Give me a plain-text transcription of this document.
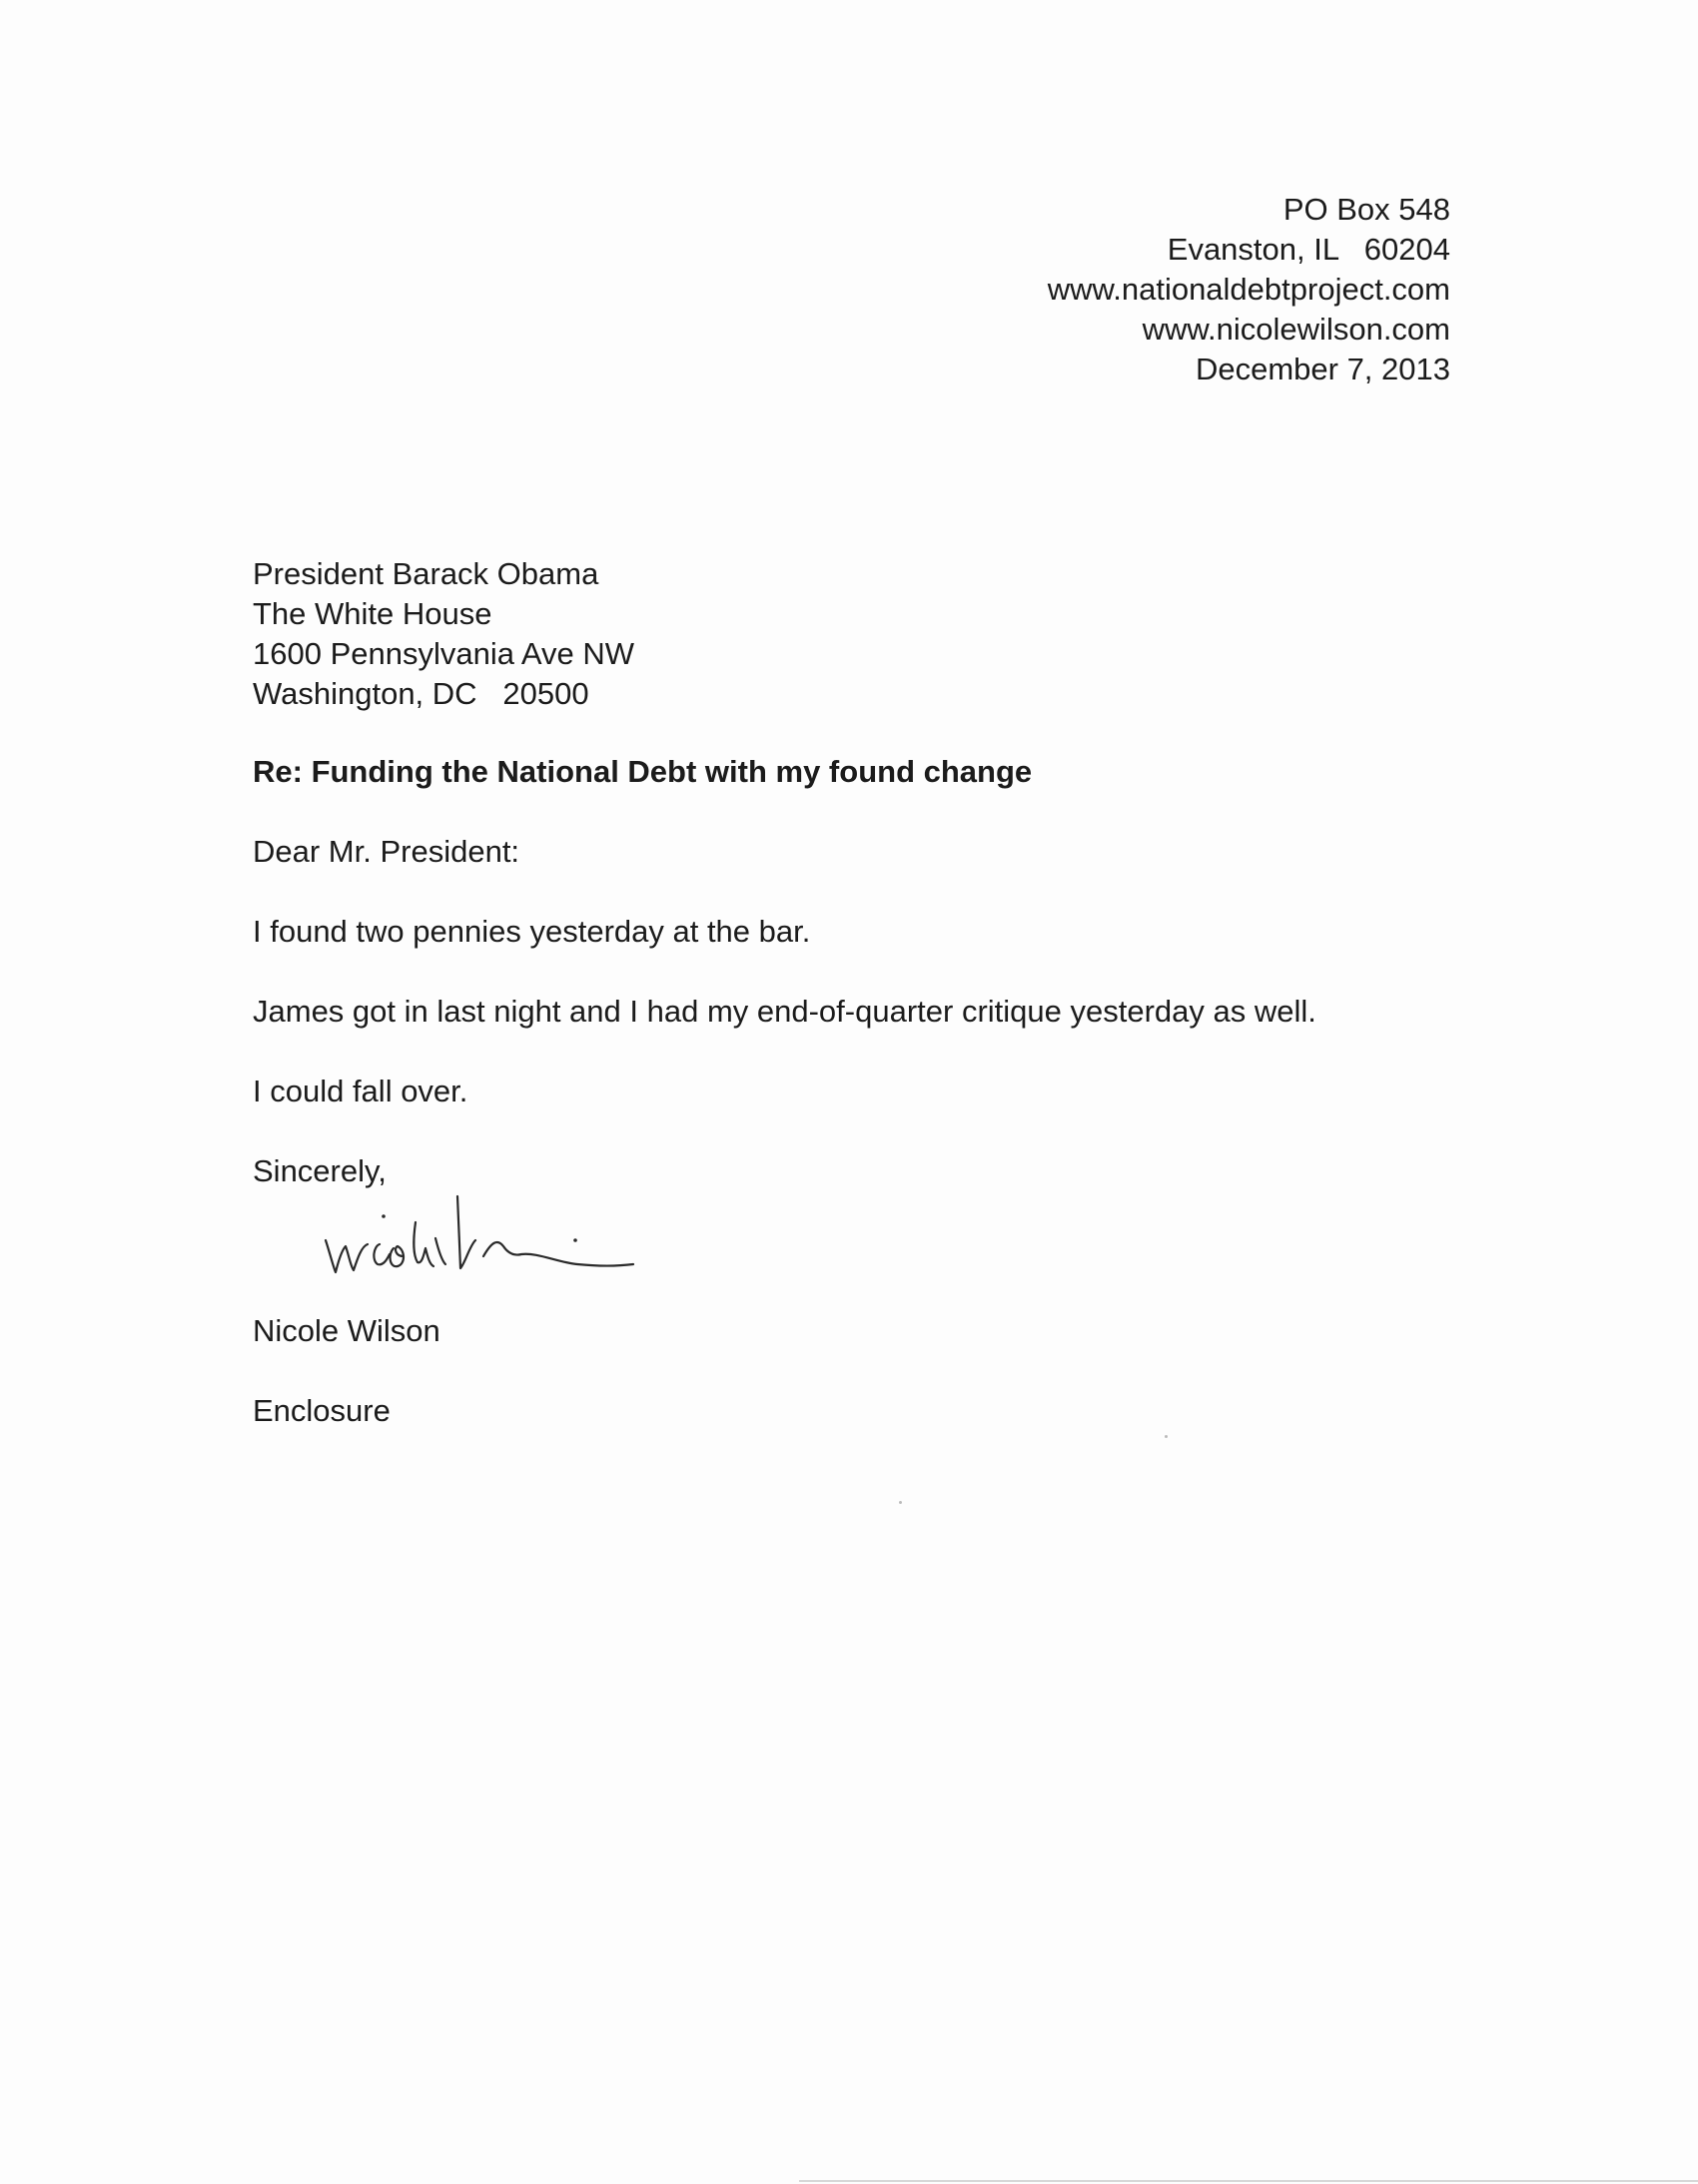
PO Box 548
Evanston, IL   60204
www.nationaldebtproject.com
www.nicolewilson.com
December 7, 2013
President Barack Obama
The White House
1600 Pennsylvania Ave NW
Washington, DC   20500
Re: Funding the National Debt with my found change
Dear Mr. President:
I found two pennies yesterday at the bar.
James got in last night and I had my end-of-quarter critique yesterday as well.
I could fall over.
Sincerely,
Nicole Wilson
Enclosure
